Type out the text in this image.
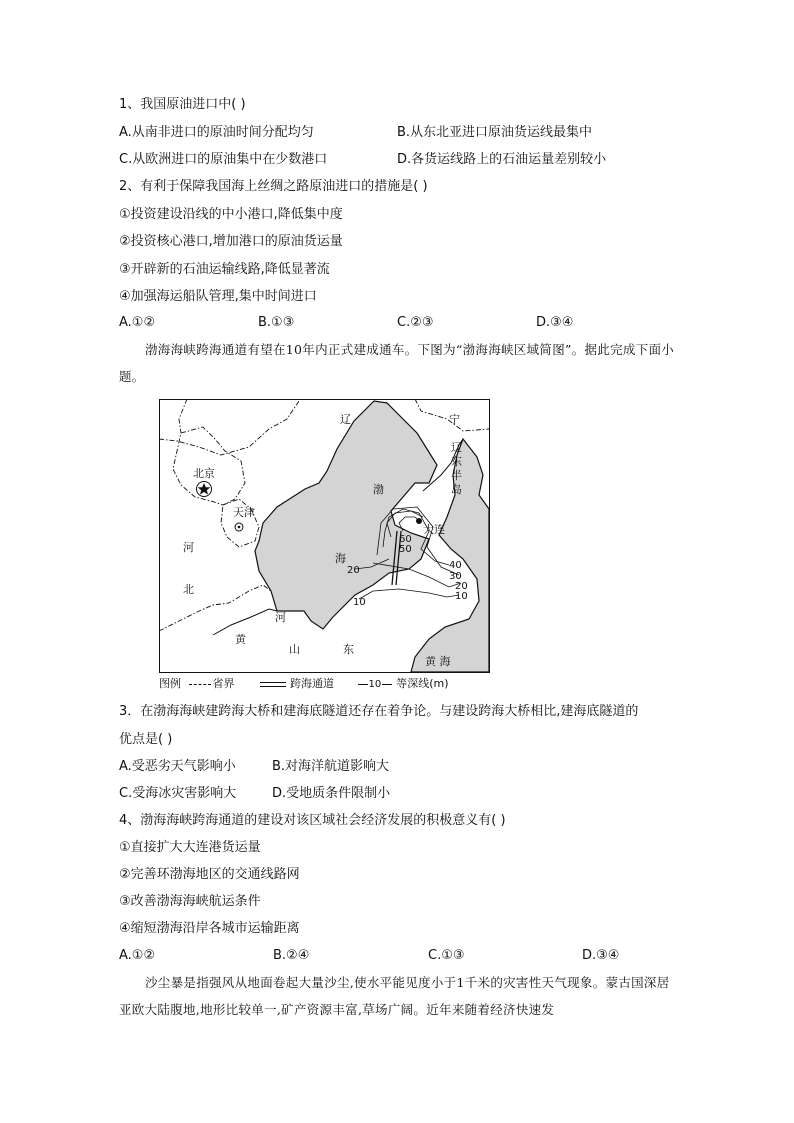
1、我国原油进口中( )
A.从南非进口的原油时间分配均匀	B.从东北亚进口原油货运线最集中
C.从欧洲进口的原油集中在少数港口	D.各货运线路上的石油运量差别较小
2、有利于保障我国海上丝绸之路原油进口的措施是( )
①投资建设沿线的中小港口,降低集中度
②投资核心港口,增加港口的原油货运量
③开辟新的石油运输线路,降低显著流
④加强海运船队管理,集中时间进口
A.①②	B.①③	C.②③	D.③④
渤海海峡跨海通道有望在10年内正式建成通车。下图为“渤海海峡区域简图”。据此完成下面小题。
辽	宁
辽
东
半
岛
北京
天津
渤
海
大连
河
北
黄
河
山	东
黄 海
60
50
40
30
20
10
20
10
图例	省界	跨海通道	10 等深线(m)
3．在渤海海峡建跨海大桥和建海底隧道还存在着争论。与建设跨海大桥相比,建海底隧道的
优点是( )
A.受恶劣天气影响小	B.对海洋航道影响大
C.受海冰灾害影响大	D.受地质条件限制小
4、渤海海峡跨海通道的建设对该区域社会经济发展的积极意义有( )
①直接扩大大连港货运量
②完善环渤海地区的交通线路网
③改善渤海海峡航运条件
④缩短渤海沿岸各城市运输距离
A.①②	B.②④	C.①③	D.③④
沙尘暴是指强风从地面卷起大量沙尘,使水平能见度小于1千米的灾害性天气现象。蒙古国深居亚欧大陆腹地,地形比较单一,矿产资源丰富,草场广阔。近年来随着经济快速发
